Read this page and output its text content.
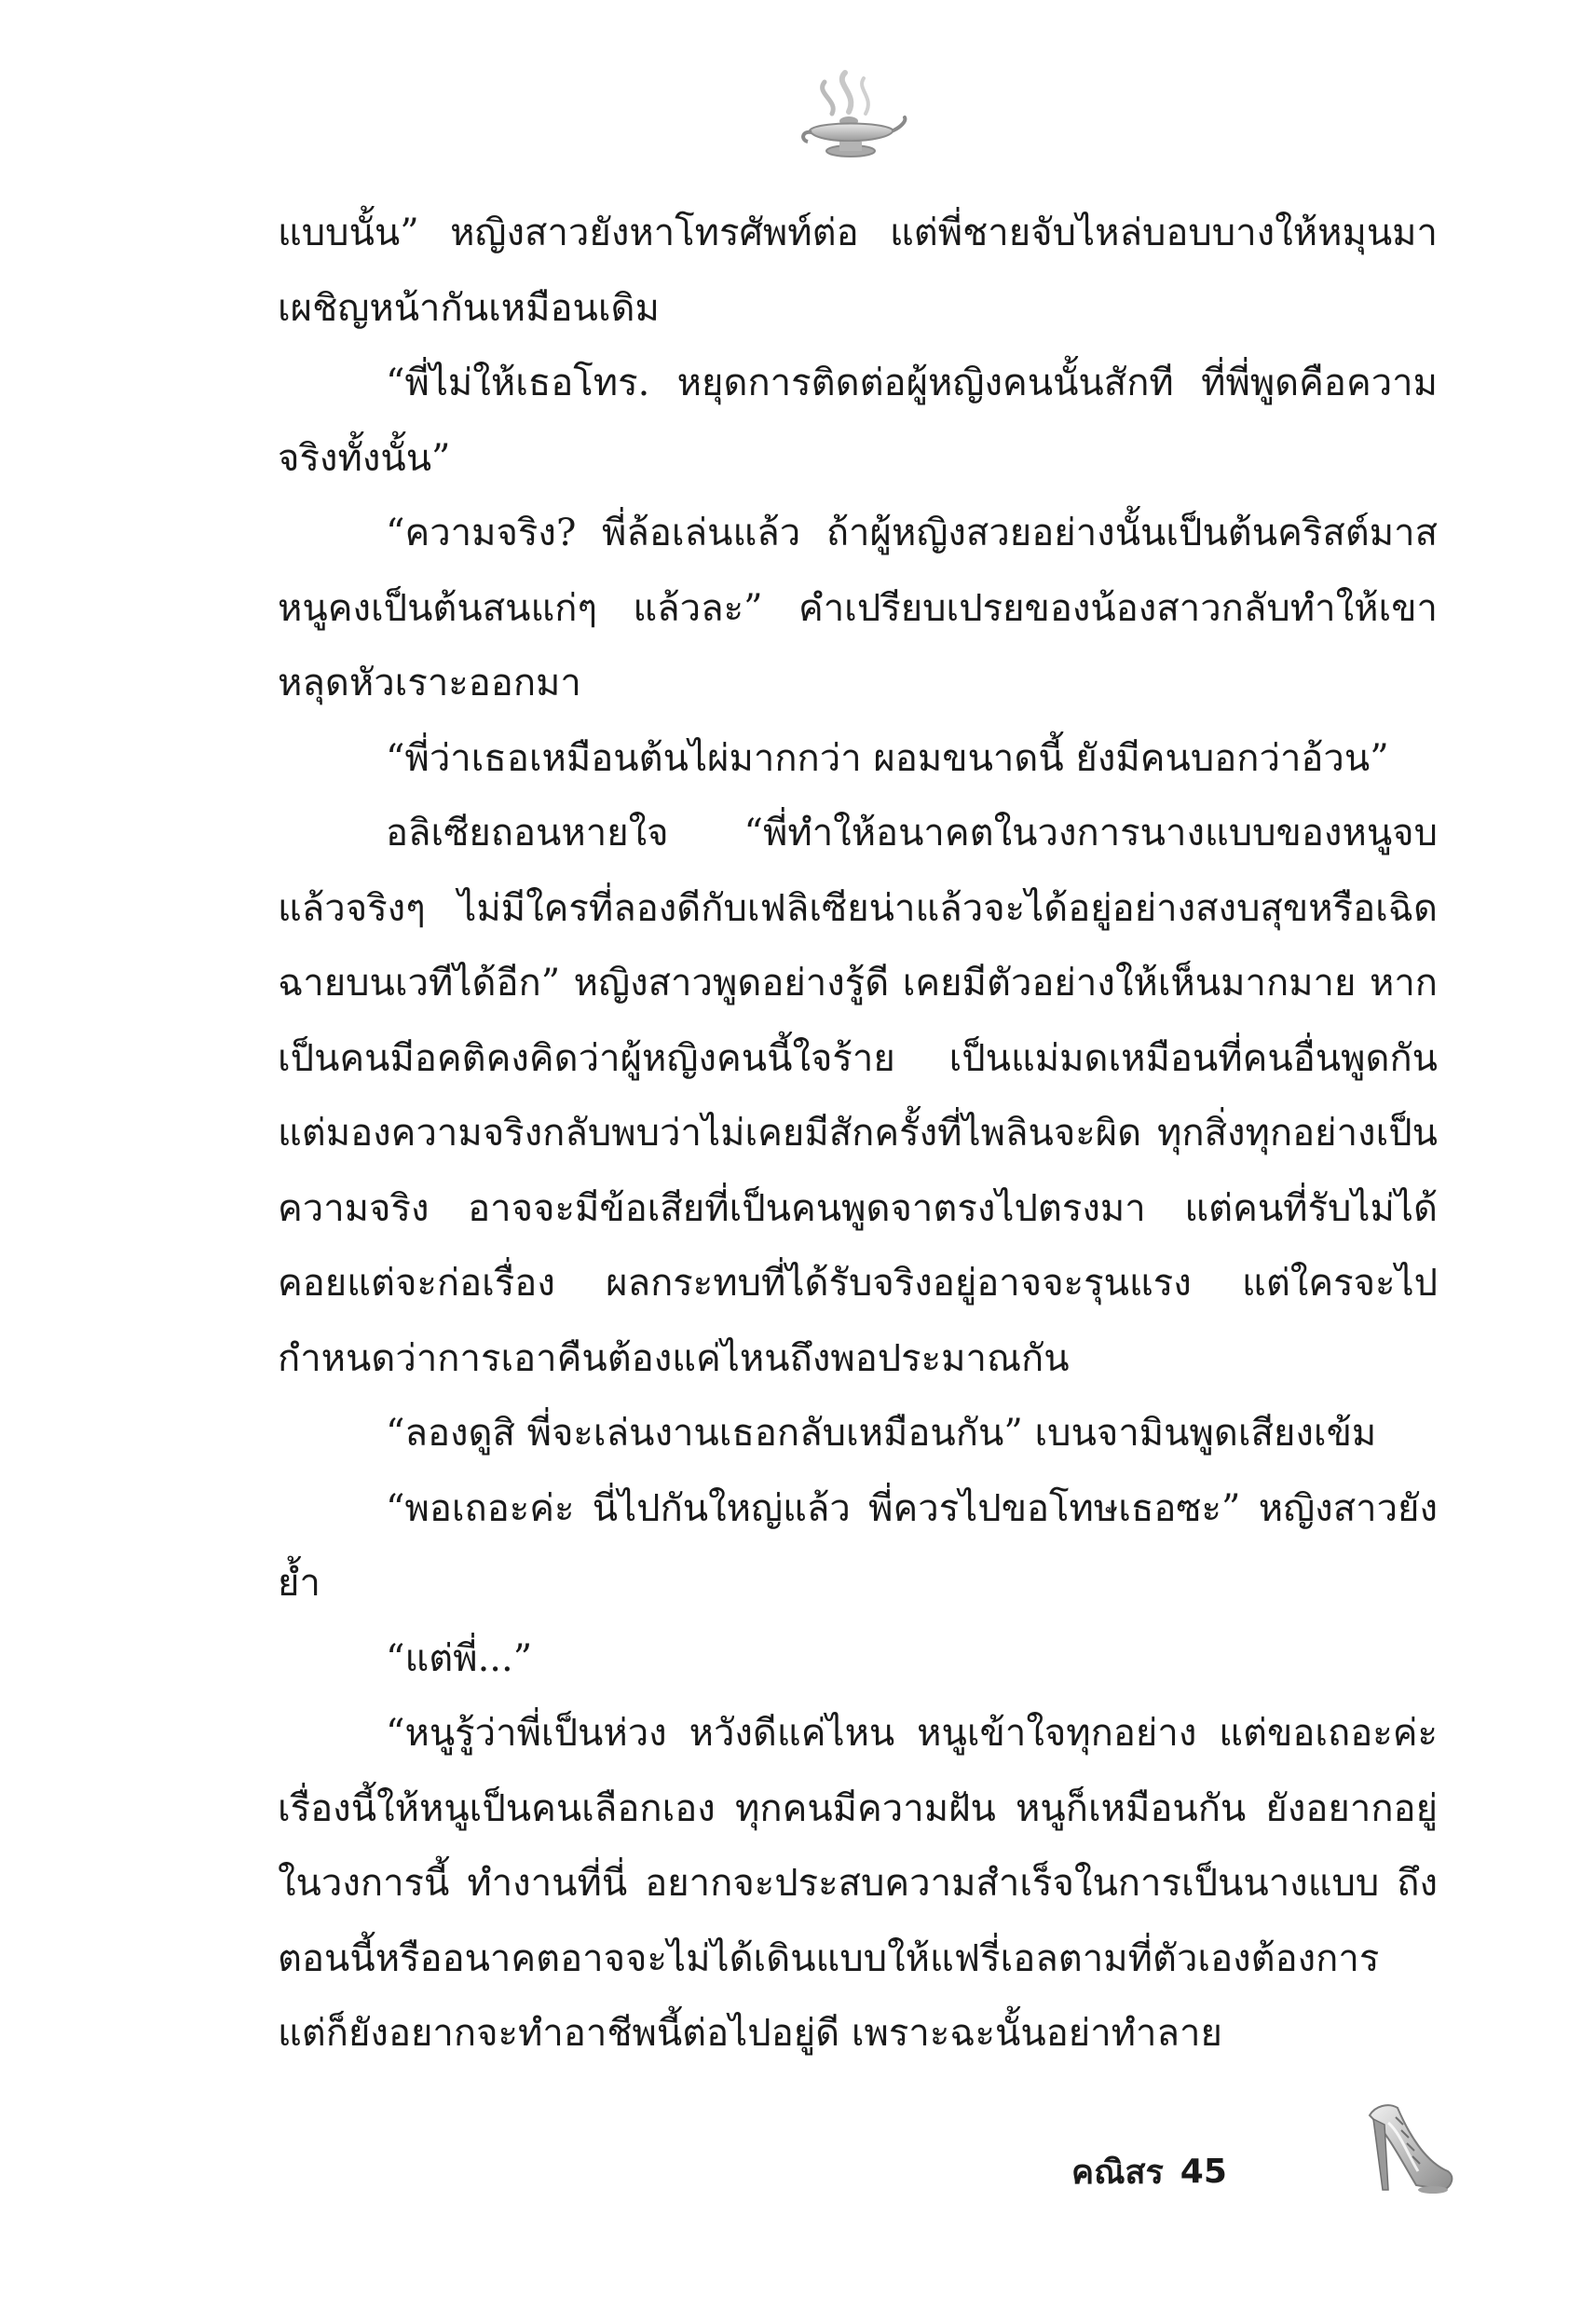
แบบนั้น” หญิงสาวยังหาโทรศัพท์ต่อ แต่พี่ชายจับไหล่บอบบางให้หมุนมาเผชิญหน้ากันเหมือนเดิม

“พี่ไม่ให้เธอโทร. หยุดการติดต่อผู้หญิงคนนั้นสักที ที่พี่พูดคือความจริงทั้งนั้น”

“ความจริง? พี่ล้อเล่นแล้ว ถ้าผู้หญิงสวยอย่างนั้นเป็นต้นคริสต์มาสหนูคงเป็นต้นสนแก่ๆ แล้วละ” คำเปรียบเปรยของน้องสาวกลับทำให้เขาหลุดหัวเราะออกมา

“พี่ว่าเธอเหมือนต้นไผ่มากกว่า ผอมขนาดนี้ ยังมีคนบอกว่าอ้วน”

อลิเซียถอนหายใจ “พี่ทำให้อนาคตในวงการนางแบบของหนูจบแล้วจริงๆ ไม่มีใครที่ลองดีกับเฟลิเซียน่าแล้วจะได้อยู่อย่างสงบสุขหรือเฉิดฉายบนเวทีได้อีก” หญิงสาวพูดอย่างรู้ดี เคยมีตัวอย่างให้เห็นมากมาย หากเป็นคนมีอคติคงคิดว่าผู้หญิงคนนี้ใจร้าย เป็นแม่มดเหมือนที่คนอื่นพูดกัน แต่มองความจริงกลับพบว่าไม่เคยมีสักครั้งที่ไพลินจะผิด ทุกสิ่งทุกอย่างเป็นความจริง อาจจะมีข้อเสียที่เป็นคนพูดจาตรงไปตรงมา แต่คนที่รับไม่ได้คอยแต่จะก่อเรื่อง ผลกระทบที่ได้รับจริงอยู่อาจจะรุนแรง แต่ใครจะไปกำหนดว่าการเอาคืนต้องแค่ไหนถึงพอประมาณกัน

“ลองดูสิ พี่จะเล่นงานเธอกลับเหมือนกัน” เบนจามินพูดเสียงเข้ม

“พอเถอะค่ะ นี่ไปกันใหญ่แล้ว พี่ควรไปขอโทษเธอซะ” หญิงสาวยังย้ำ

“แต่พี่...”

“หนูรู้ว่าพี่เป็นห่วง หวังดีแค่ไหน หนูเข้าใจทุกอย่าง แต่ขอเถอะค่ะ เรื่องนี้ให้หนูเป็นคนเลือกเอง ทุกคนมีความฝัน หนูก็เหมือนกัน ยังอยากอยู่ในวงการนี้ ทำงานที่นี่ อยากจะประสบความสำเร็จในการเป็นนางแบบ ถึงตอนนี้หรืออนาคตอาจจะไม่ได้เดินแบบให้แฟรี่เอลตามที่ตัวเองต้องการ แต่ก็ยังอยากจะทำอาชีพนี้ต่อไปอยู่ดี เพราะฉะนั้นอย่าทำลาย

คณิสร 45
